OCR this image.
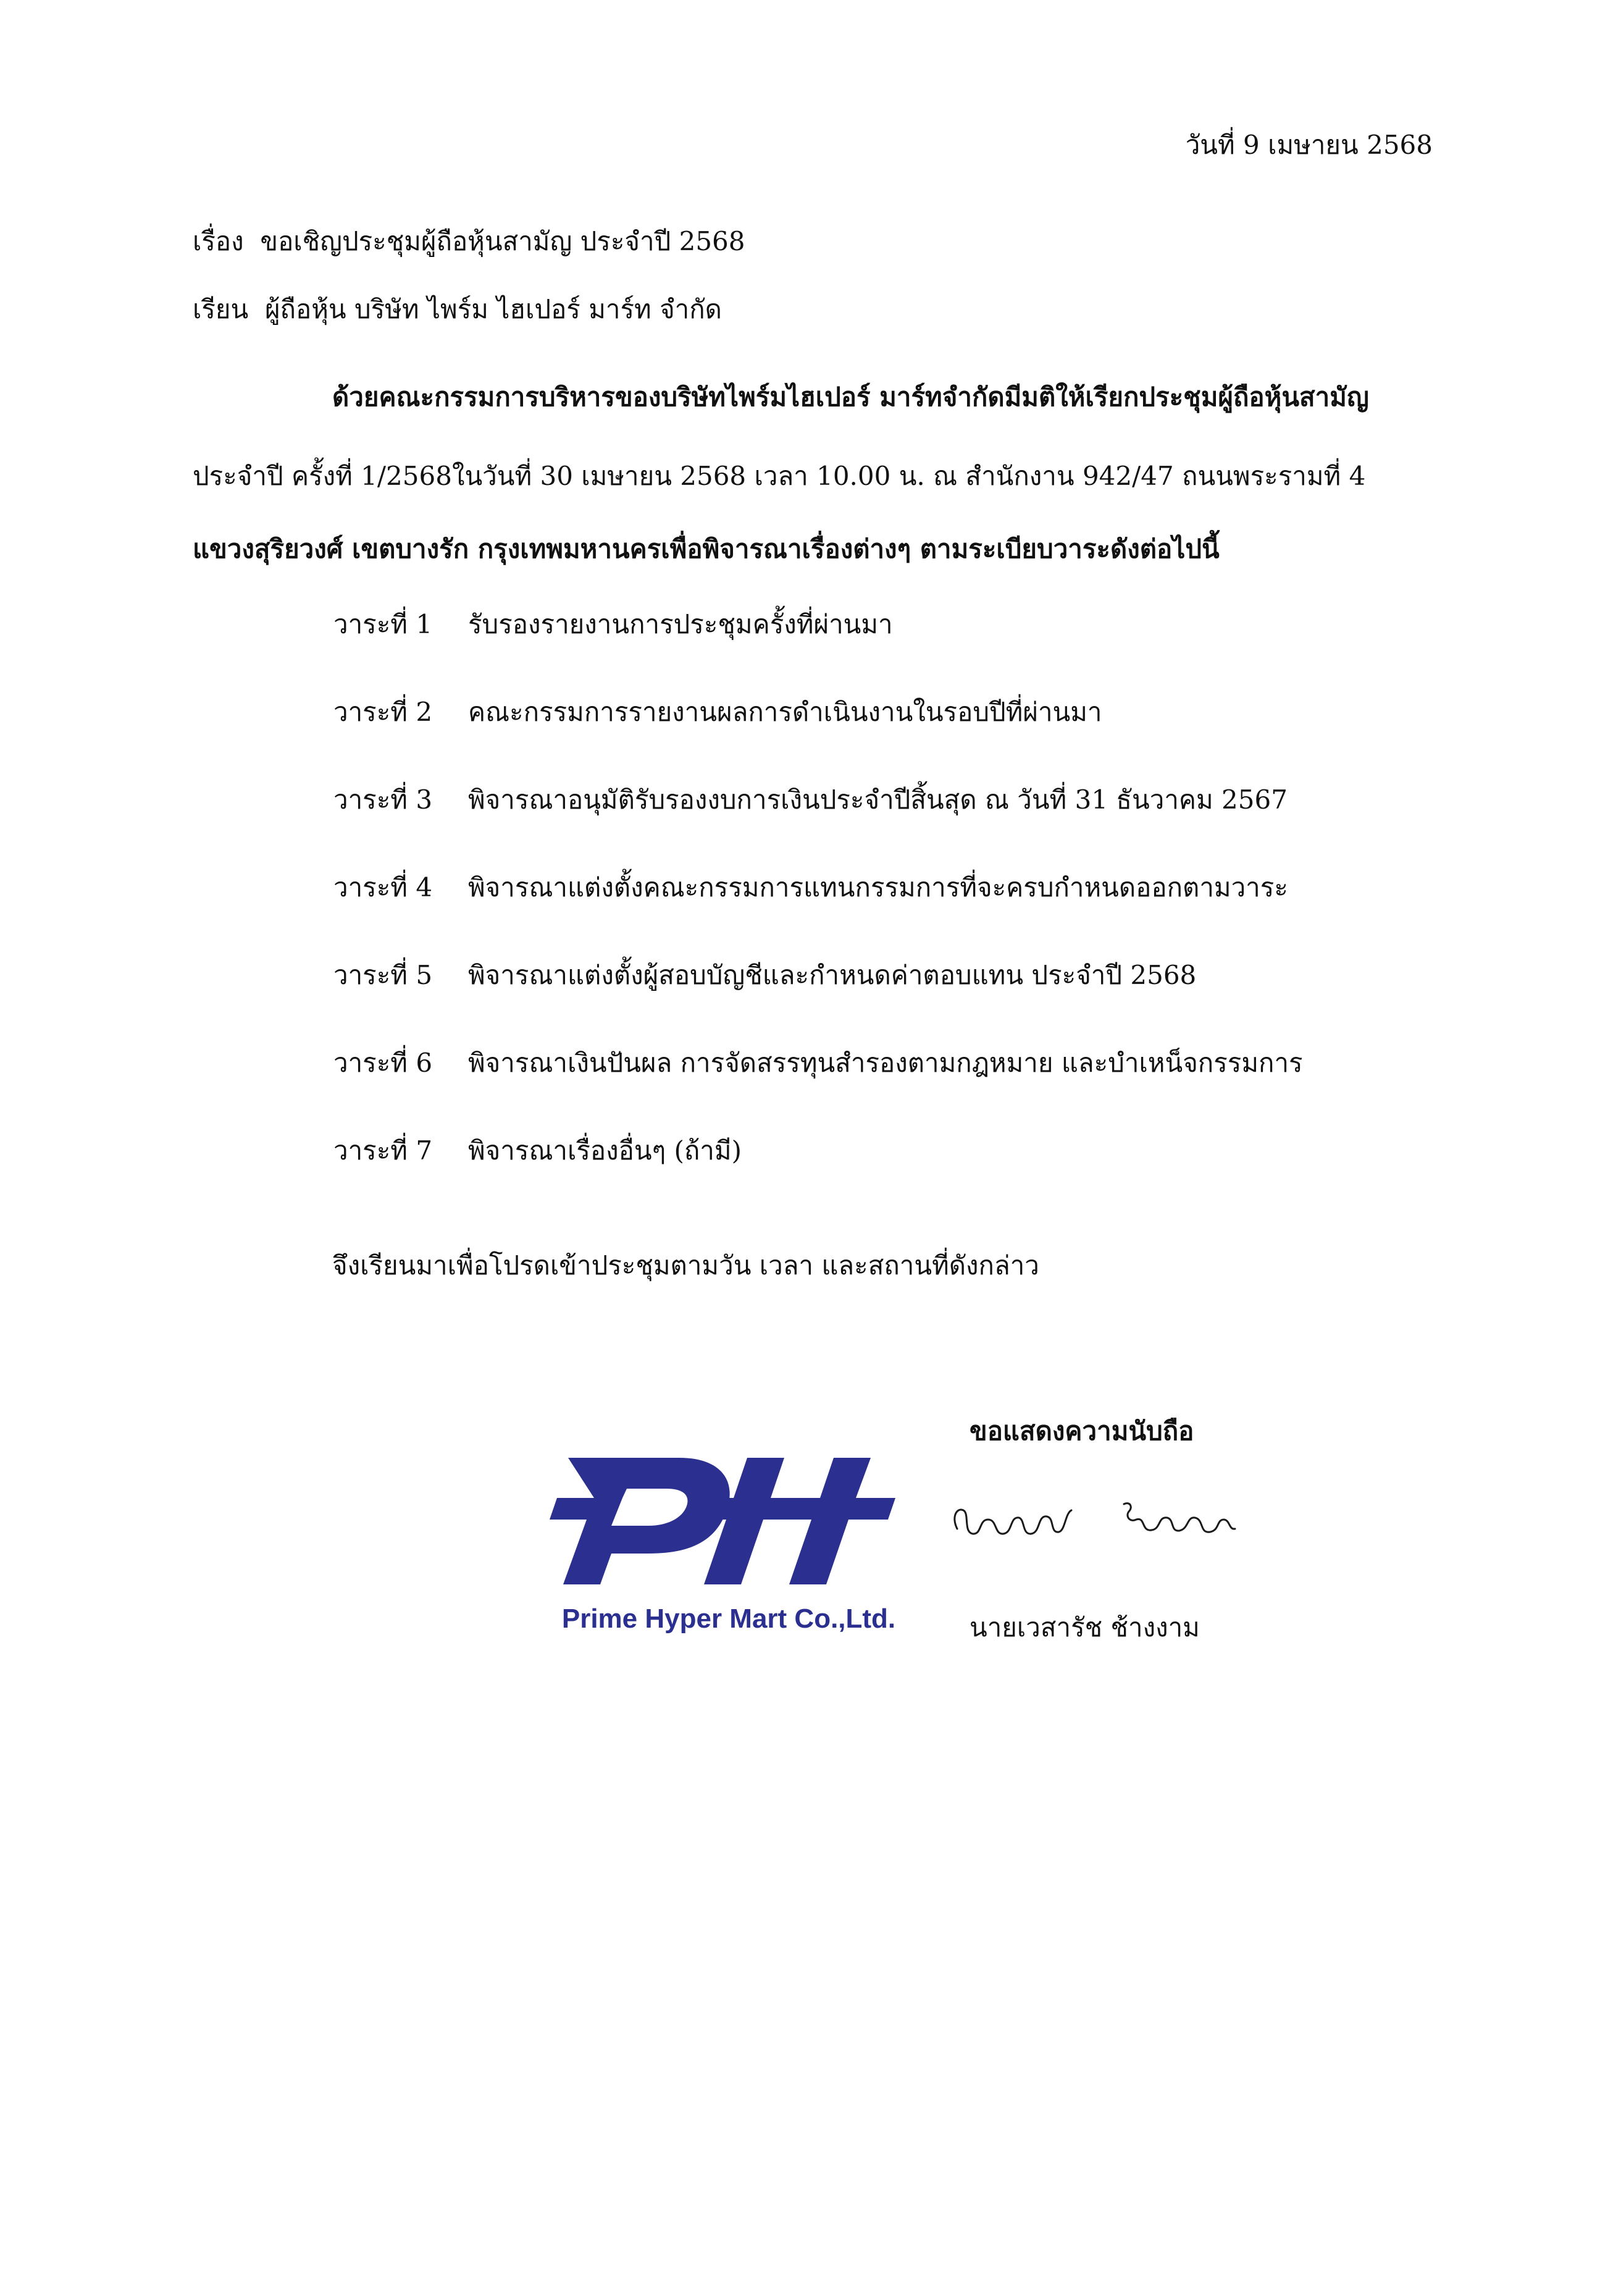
วันที่ 9 เมษายน 2568
เรื่อง ขอเชิญประชุมผู้ถือหุ้นสามัญ ประจำปี 2568
เรียน ผู้ถือหุ้น บริษัท ไพร์ม ไฮเปอร์ มาร์ท จำกัด
ด้วยคณะกรรมการบริหารของบริษัทไพร์มไฮเปอร์ มาร์ทจำกัดมีมติให้เรียกประชุมผู้ถือหุ้นสามัญ
ประจำปี ครั้งที่ 1/2568ในวันที่ 30 เมษายน 2568 เวลา 10.00 น. ณ สำนักงาน 942/47 ถนนพระรามที่ 4
แขวงสุริยวงศ์ เขตบางรัก กรุงเทพมหานครเพื่อพิจารณาเรื่องต่างๆ ตามระเบียบวาระดังต่อไปนี้
วาระที่ 1 รับรองรายงานการประชุมครั้งที่ผ่านมา
วาระที่ 2 คณะกรรมการรายงานผลการดำเนินงานในรอบปีที่ผ่านมา
วาระที่ 3 พิจารณาอนุมัติรับรองงบการเงินประจำปีสิ้นสุด ณ วันที่ 31 ธันวาคม 2567
วาระที่ 4 พิจารณาแต่งตั้งคณะกรรมการแทนกรรมการที่จะครบกำหนดออกตามวาระ
วาระที่ 5 พิจารณาแต่งตั้งผู้สอบบัญชีและกำหนดค่าตอบแทน ประจำปี 2568
วาระที่ 6 พิจารณาเงินปันผล การจัดสรรทุนสำรองตามกฎหมาย และบำเหน็จกรรมการ
วาระที่ 7 พิจารณาเรื่องอื่นๆ (ถ้ามี)
จึงเรียนมาเพื่อโปรดเข้าประชุมตามวัน เวลา และสถานที่ดังกล่าว
ขอแสดงความนับถือ
Prime Hyper Mart Co.,Ltd.	นายเวสารัช ช้างงาม
